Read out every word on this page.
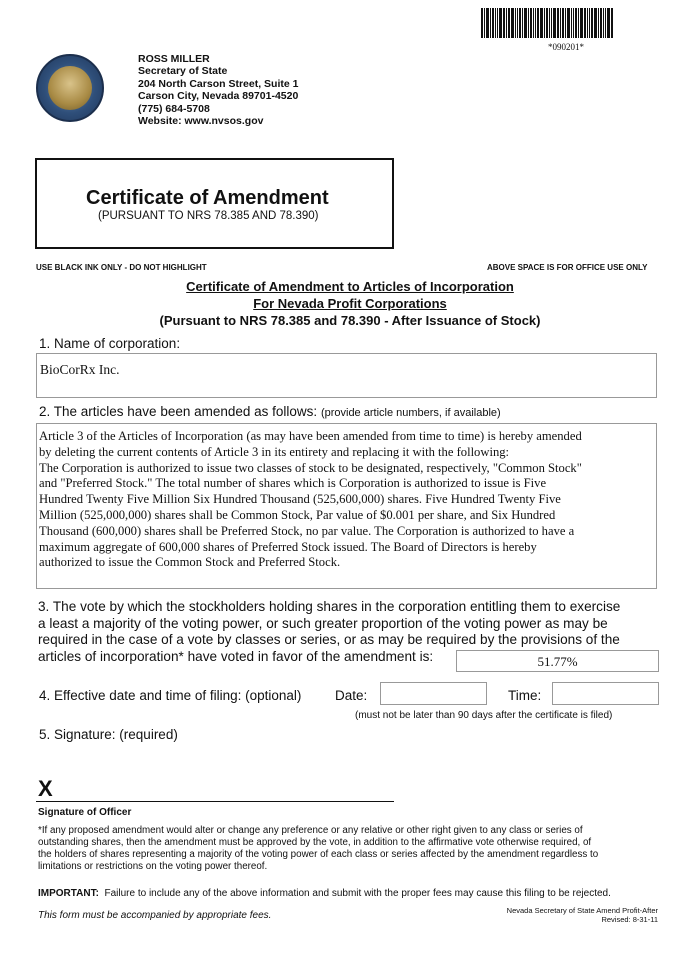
*090201*
ROSS MILLER
Secretary of State
204 North Carson Street, Suite 1
Carson City, Nevada 89701-4520
(775) 684-5708
Website: www.nvsos.gov
Certificate of Amendment
(PURSUANT TO NRS 78.385 AND 78.390)
USE BLACK INK ONLY - DO NOT HIGHLIGHT	ABOVE SPACE IS FOR OFFICE USE ONLY
Certificate of Amendment to Articles of Incorporation
For Nevada Profit Corporations
(Pursuant to NRS 78.385 and 78.390 - After Issuance of Stock)
1. Name of corporation:
BioCorRx Inc.
2. The articles have been amended as follows: (provide article numbers, if available)
Article 3 of the Articles of Incorporation (as may have been amended from time to time) is hereby amended
by deleting the current contents of Article 3 in its entirety and replacing it with the following:
The Corporation is authorized to issue two classes of stock to be designated, respectively, "Common Stock"
and "Preferred Stock." The total number of shares which is Corporation is authorized to issue is Five
Hundred Twenty Five Million Six Hundred Thousand (525,600,000) shares. Five Hundred Twenty Five
Million (525,000,000) shares shall be Common Stock, Par value of $0.001 per share, and Six Hundred
Thousand (600,000) shares shall be Preferred Stock, no par value. The Corporation is authorized to have a
maximum aggregate of 600,000 shares of Preferred Stock issued. The Board of Directors is hereby
authorized to issue the Common Stock and Preferred Stock.
3. The vote by which the stockholders holding shares in the corporation entitling them to exercise
a least a majority of the voting power, or such greater proportion of the voting power as may be
required in the case of a vote by classes or series, or as may be required by the provisions of the
articles of incorporation* have voted in favor of the amendment is:	51.77%
4. Effective date and time of filing: (optional) Date:	Time:
(must not be later than 90 days after the certificate is filed)
5. Signature: (required)
X
Signature of Officer
*If any proposed amendment would alter or change any preference or any relative or other right given to any class or series of
outstanding shares, then the amendment must be approved by the vote, in addition to the affirmative vote otherwise required, of
the holders of shares representing a majority of the voting power of each class or series affected by the amendment regardless to
limitations or restrictions on the voting power thereof.
IMPORTANT: Failure to include any of the above information and submit with the proper fees may cause this filing to be rejected.
This form must be accompanied by appropriate fees.	Nevada Secretary of State Amend Profit-After
Revised: 8-31-11
